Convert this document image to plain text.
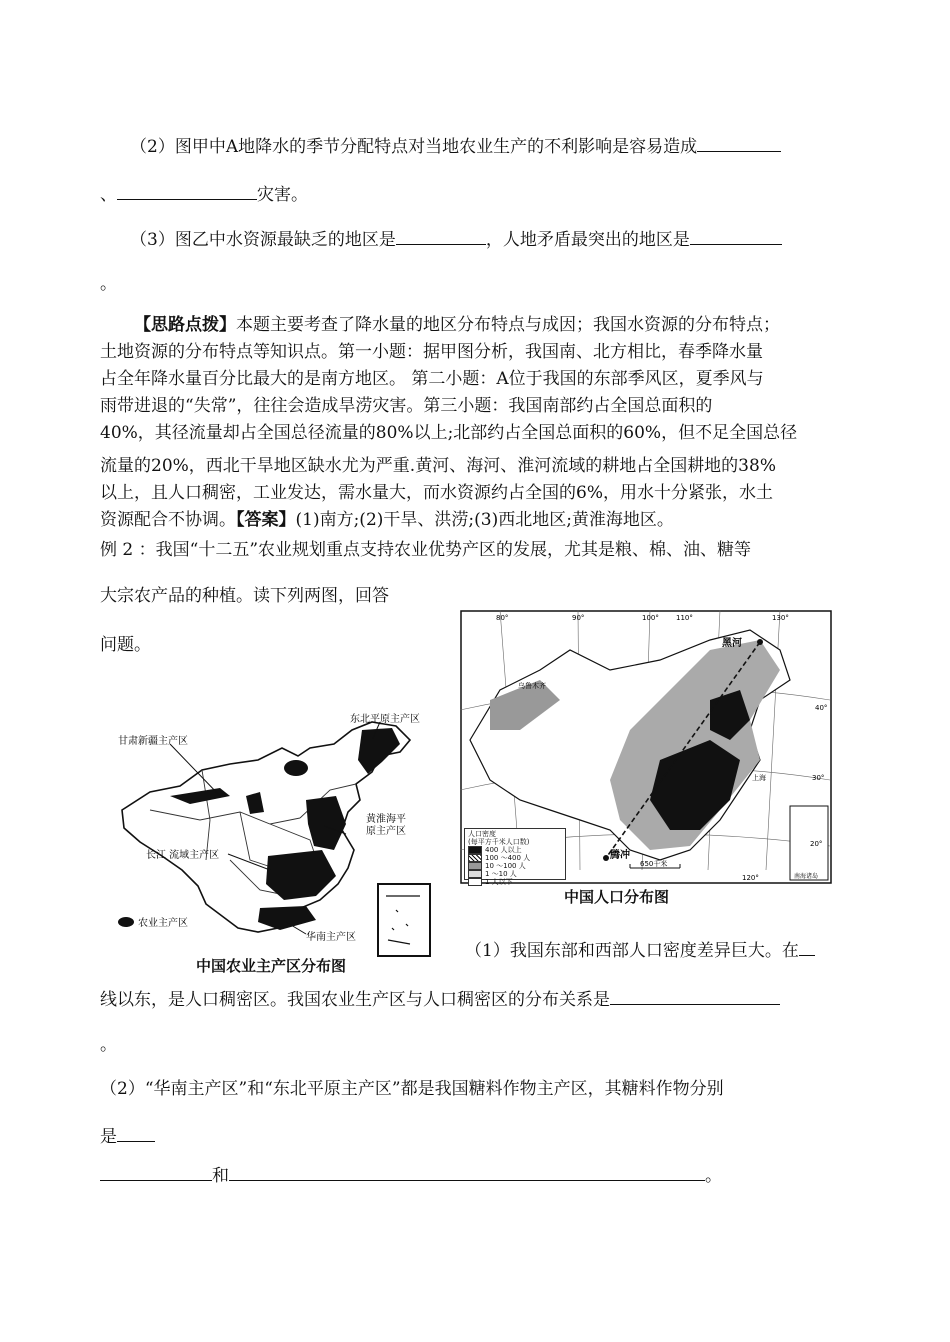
（2）图甲中A地降水的季节分配特点对当地农业生产的不利影响是容易造成
、	灾害。
（3）图乙中水资源最缺乏的地区是	，人地矛盾最突出的地区是
。
【思路点拨】本题主要考查了降水量的地区分布特点与成因；我国水资源的分布特点；
土地资源的分布特点等知识点。第一小题：据甲图分析，我国南、北方相比，春季降水量
占全年降水量百分比最大的是南方地区。 第二小题：A位于我国的东部季风区，夏季风与
雨带进退的“失常”，往往会造成旱涝灾害。第三小题：我国南部约占全国总面积的
40%，其径流量却占全国总径流量的80%以上;北部约占全国总面积的60%，但不足全国总径
流量的20%，西北干旱地区缺水尤为严重.黄河、海河、淮河流域的耕地占全国耕地的38%
以上，且人口稠密，工业发达，需水量大，而水资源约占全国的6%，用水十分紧张，水土
资源配合不协调。【答案】(1)南方;(2)干旱、洪涝;(3)西北地区;黄淮海地区。
例 2 ：我国“十二五”农业规划重点支持农业优势产区的发展，尤其是粮、棉、油、糖等
大宗农产品的种植。读下列两图，回答
问题。
甘肃新疆主产区
东北平原主产区
黄淮海平
原主产区
长江 流域主产区
华南主产区
农业主产区
中国农业主产区分布图
黑河
腾冲
乌鲁木齐
上海
650千米
南海诸岛
80°	90°	100° 110°
120°
130°
40°
30°
20°
人口密度
(每平方千米人口数)
400 人以上
100 ～400 人
10 ～100 人
1 ～10 人
1 人以下
中国人口分布图
（1）我国东部和西部人口密度差异巨大。在
线以东，是人口稠密区。我国农业生产区与人口稠密区的分布关系是
。
（2）“华南主产区”和“东北平原主产区”都是我国糖料作物主产区，其糖料作物分别
是
和	。
